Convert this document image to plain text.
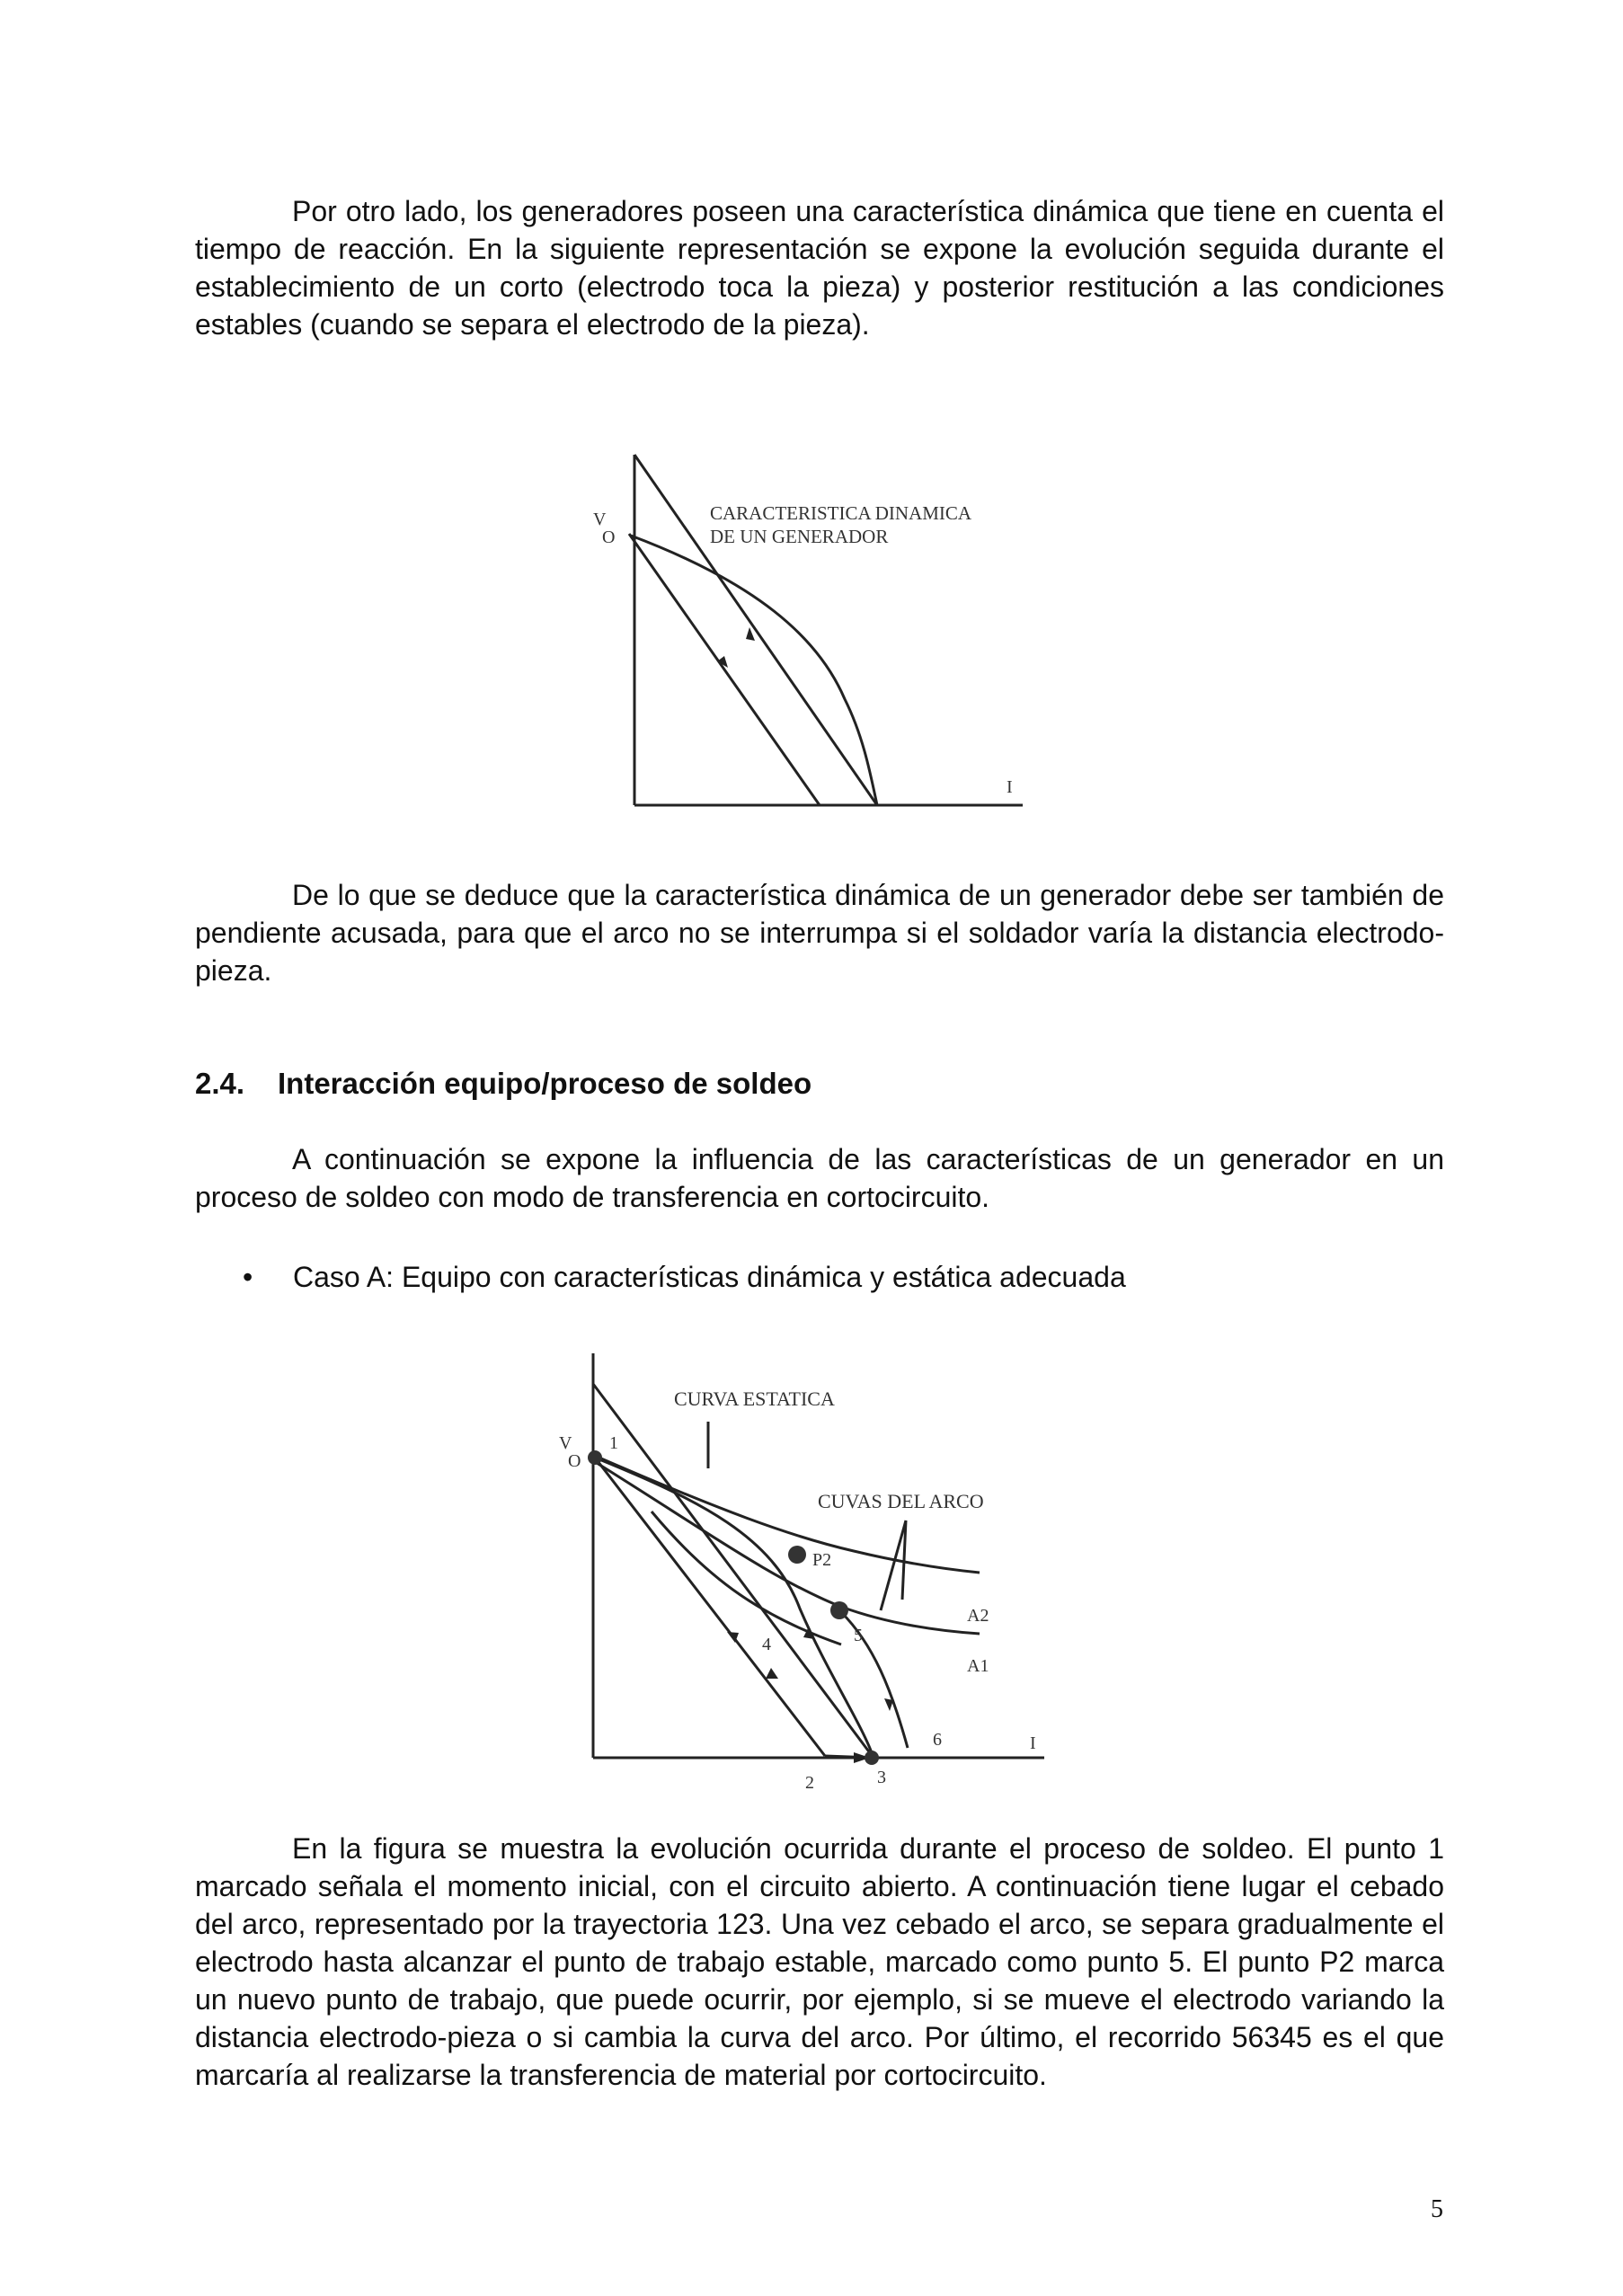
Por otro lado, los generadores poseen una característica dinámica que tiene en cuenta el tiempo de reacción. En la siguiente representación se expone la evolución seguida durante el establecimiento de un corto (electrodo toca la pieza) y posterior restitución a las condiciones estables (cuando se separa el electrodo de la pieza).

V
O
CARACTERISTICA DINAMICA
DE UN GENERADOR
I

De lo que se deduce que la característica dinámica de un generador debe ser también de pendiente acusada, para que el arco no se interrumpa si el soldador varía la distancia electrodo-pieza.

2.4. Interacción equipo/proceso de soldeo

A continuación se expone la influencia de las características de un generador en un proceso de soldeo con modo de transferencia en cortocircuito.

• Caso A: Equipo con características dinámica y estática adecuada

V
O
CURVA ESTATICA
CUVAS DEL ARCO
1
P2
4	5
A2
A1
6	I
2	3

En la figura se muestra la evolución ocurrida durante el proceso de soldeo. El punto 1 marcado señala el momento inicial, con el circuito abierto. A continuación tiene lugar el cebado del arco, representado por la trayectoria 123. Una vez cebado el arco, se separa gradualmente el electrodo hasta alcanzar el punto de trabajo estable, marcado como punto 5. El punto P2 marca un nuevo punto de trabajo, que puede ocurrir, por ejemplo, si se mueve el electrodo variando la distancia electrodo-pieza o si cambia la curva del arco. Por último, el recorrido 56345 es el que marcaría al realizarse la transferencia de material por cortocircuito.

5
